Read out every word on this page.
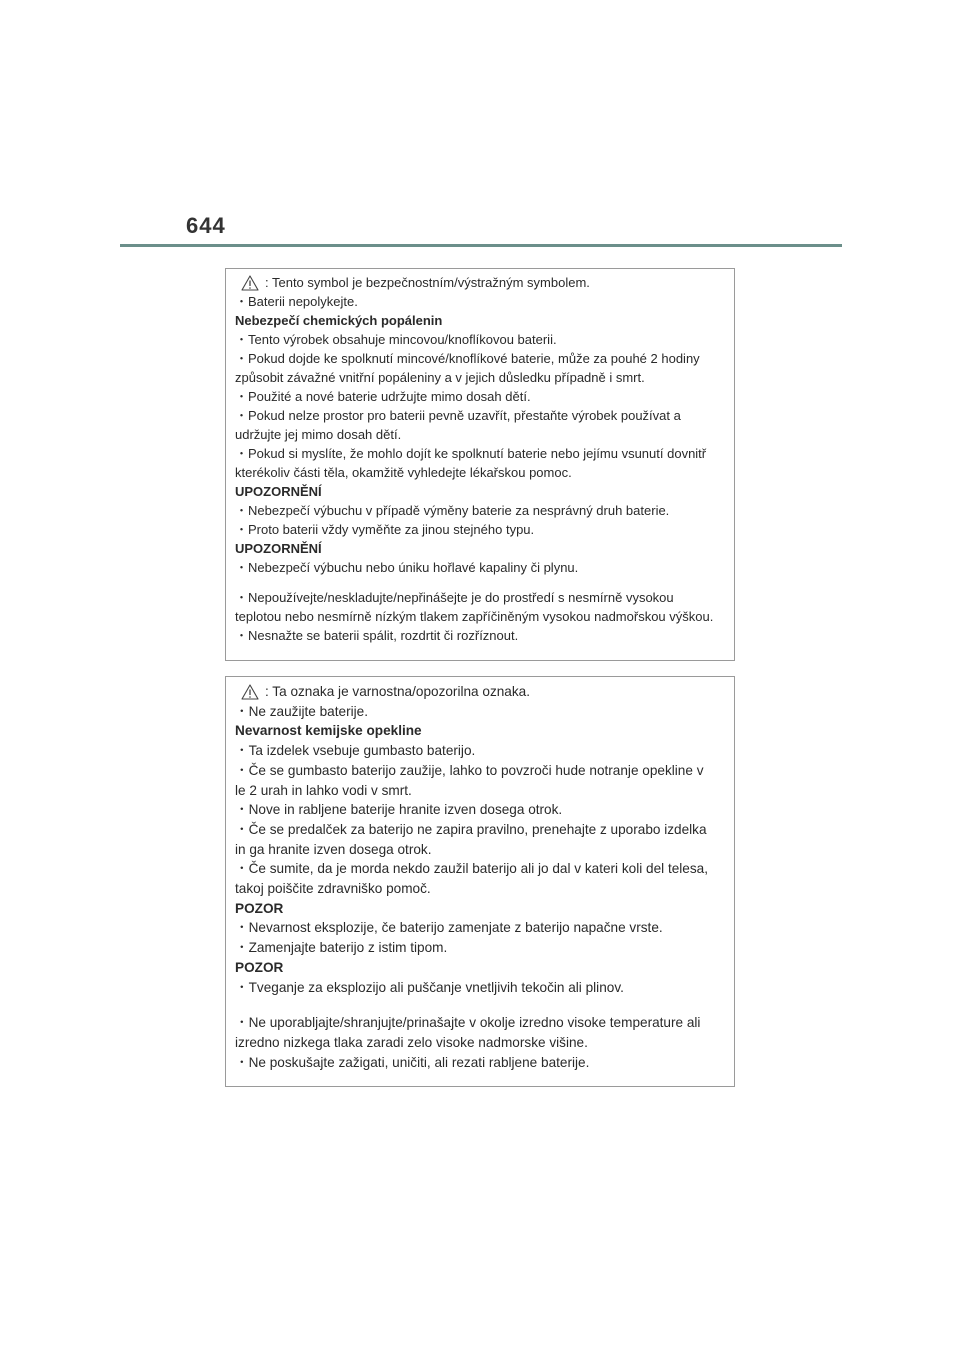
644
: Tento symbol je bezpečnostním/výstražným symbolem.
・Baterii nepolykejte.
Nebezpečí chemických popálenin
・Tento výrobek obsahuje mincovou/knoflíkovou baterii.
・Pokud dojde ke spolknutí mincové/knoflíkové baterie, může za pouhé 2 hodiny
způsobit závažné vnitřní popáleniny a v jejich důsledku případně i smrt.
・Použité a nové baterie udržujte mimo dosah dětí.
・Pokud nelze prostor pro baterii pevně uzavřít, přestaňte výrobek používat a
udržujte jej mimo dosah dětí.
・Pokud si myslíte, že mohlo dojít ke spolknutí baterie nebo jejímu vsunutí dovnitř
kterékoliv části těla, okamžitě vyhledejte lékařskou pomoc.
UPOZORNĚNÍ
・Nebezpečí výbuchu v případě výměny baterie za nesprávný druh baterie.
・Proto baterii vždy vyměňte za jinou stejného typu.
UPOZORNĚNÍ
・Nebezpečí výbuchu nebo úniku hořlavé kapaliny či plynu.
・Nepoužívejte/neskladujte/nepřinášejte je do prostředí s nesmírně vysokou
teplotou nebo nesmírně nízkým tlakem zapříčiněným vysokou nadmořskou výškou.
・Nesnažte se baterii spálit, rozdrtit či rozříznout.
: Ta oznaka je varnostna/opozorilna oznaka.
・Ne zaužijte baterije.
Nevarnost kemijske opekline
・Ta izdelek vsebuje gumbasto baterijo.
・Če se gumbasto baterijo zaužije, lahko to povzroči hude notranje opekline v
le 2 urah in lahko vodi v smrt.
・Nove in rabljene baterije hranite izven dosega otrok.
・Če se predalček za baterijo ne zapira pravilno, prenehajte z uporabo izdelka
in ga hranite izven dosega otrok.
・Če sumite, da je morda nekdo zaužil baterijo ali jo dal v kateri koli del telesa,
takoj poiščite zdravniško pomoč.
POZOR
・Nevarnost eksplozije, če baterijo zamenjate z baterijo napačne vrste.
・Zamenjajte baterijo z istim tipom.
POZOR
・Tveganje za eksplozijo ali puščanje vnetljivih tekočin ali plinov.
・Ne uporabljajte/shranjujte/prinašajte v okolje izredno visoke temperature ali
izredno nizkega tlaka zaradi zelo visoke nadmorske višine.
・Ne poskušajte zažigati, uničiti, ali rezati rabljene baterije.
